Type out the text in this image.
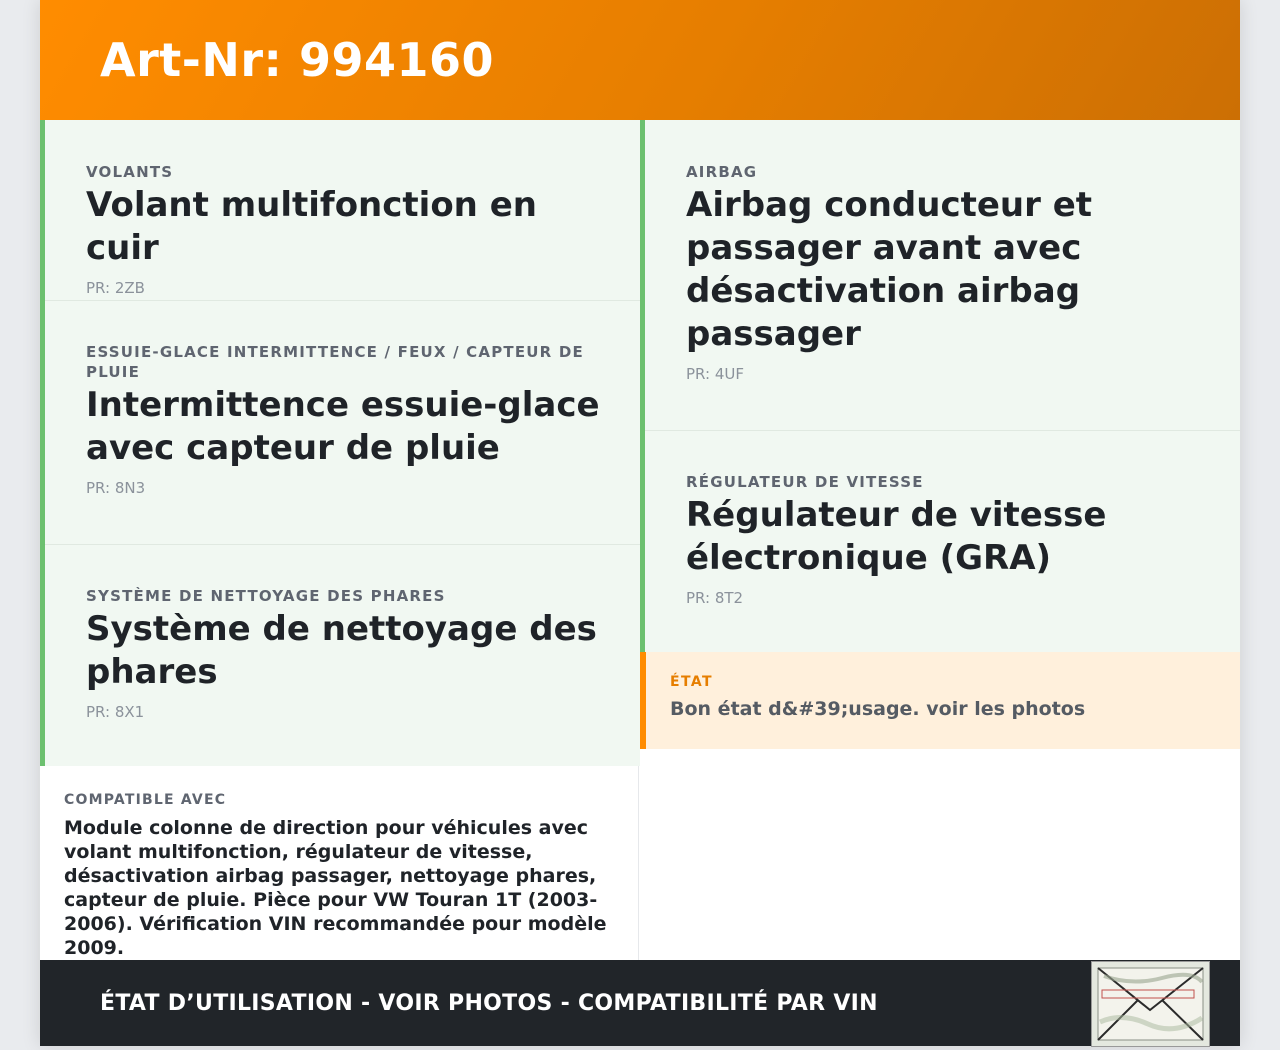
Art-Nr: 994160
VOLANTS
Volant multifonction en cuir
PR: 2ZB
ESSUIE-GLACE INTERMITTENCE / FEUX / CAPTEUR DE PLUIE
Intermittence essuie-glace avec capteur de pluie
PR: 8N3
SYSTÈME DE NETTOYAGE DES PHARES
Système de nettoyage des phares
PR: 8X1
COMPATIBLE AVEC
Module colonne de direction pour véhicules avec volant multifonction, régulateur de vitesse, désactivation airbag passager, nettoyage phares, capteur de pluie. Pièce pour VW Touran 1T (2003-2006). Vérification VIN recommandée pour modèle 2009.
AIRBAG
Airbag conducteur et passager avant avec désactivation airbag passager
PR: 4UF
RÉGULATEUR DE VITESSE
Régulateur de vitesse électronique (GRA)
PR: 8T2
ÉTAT
Bon état d&#39;usage. voir les photos
ÉTAT D’UTILISATION - VOIR PHOTOS - COMPATIBILITÉ PAR VIN
